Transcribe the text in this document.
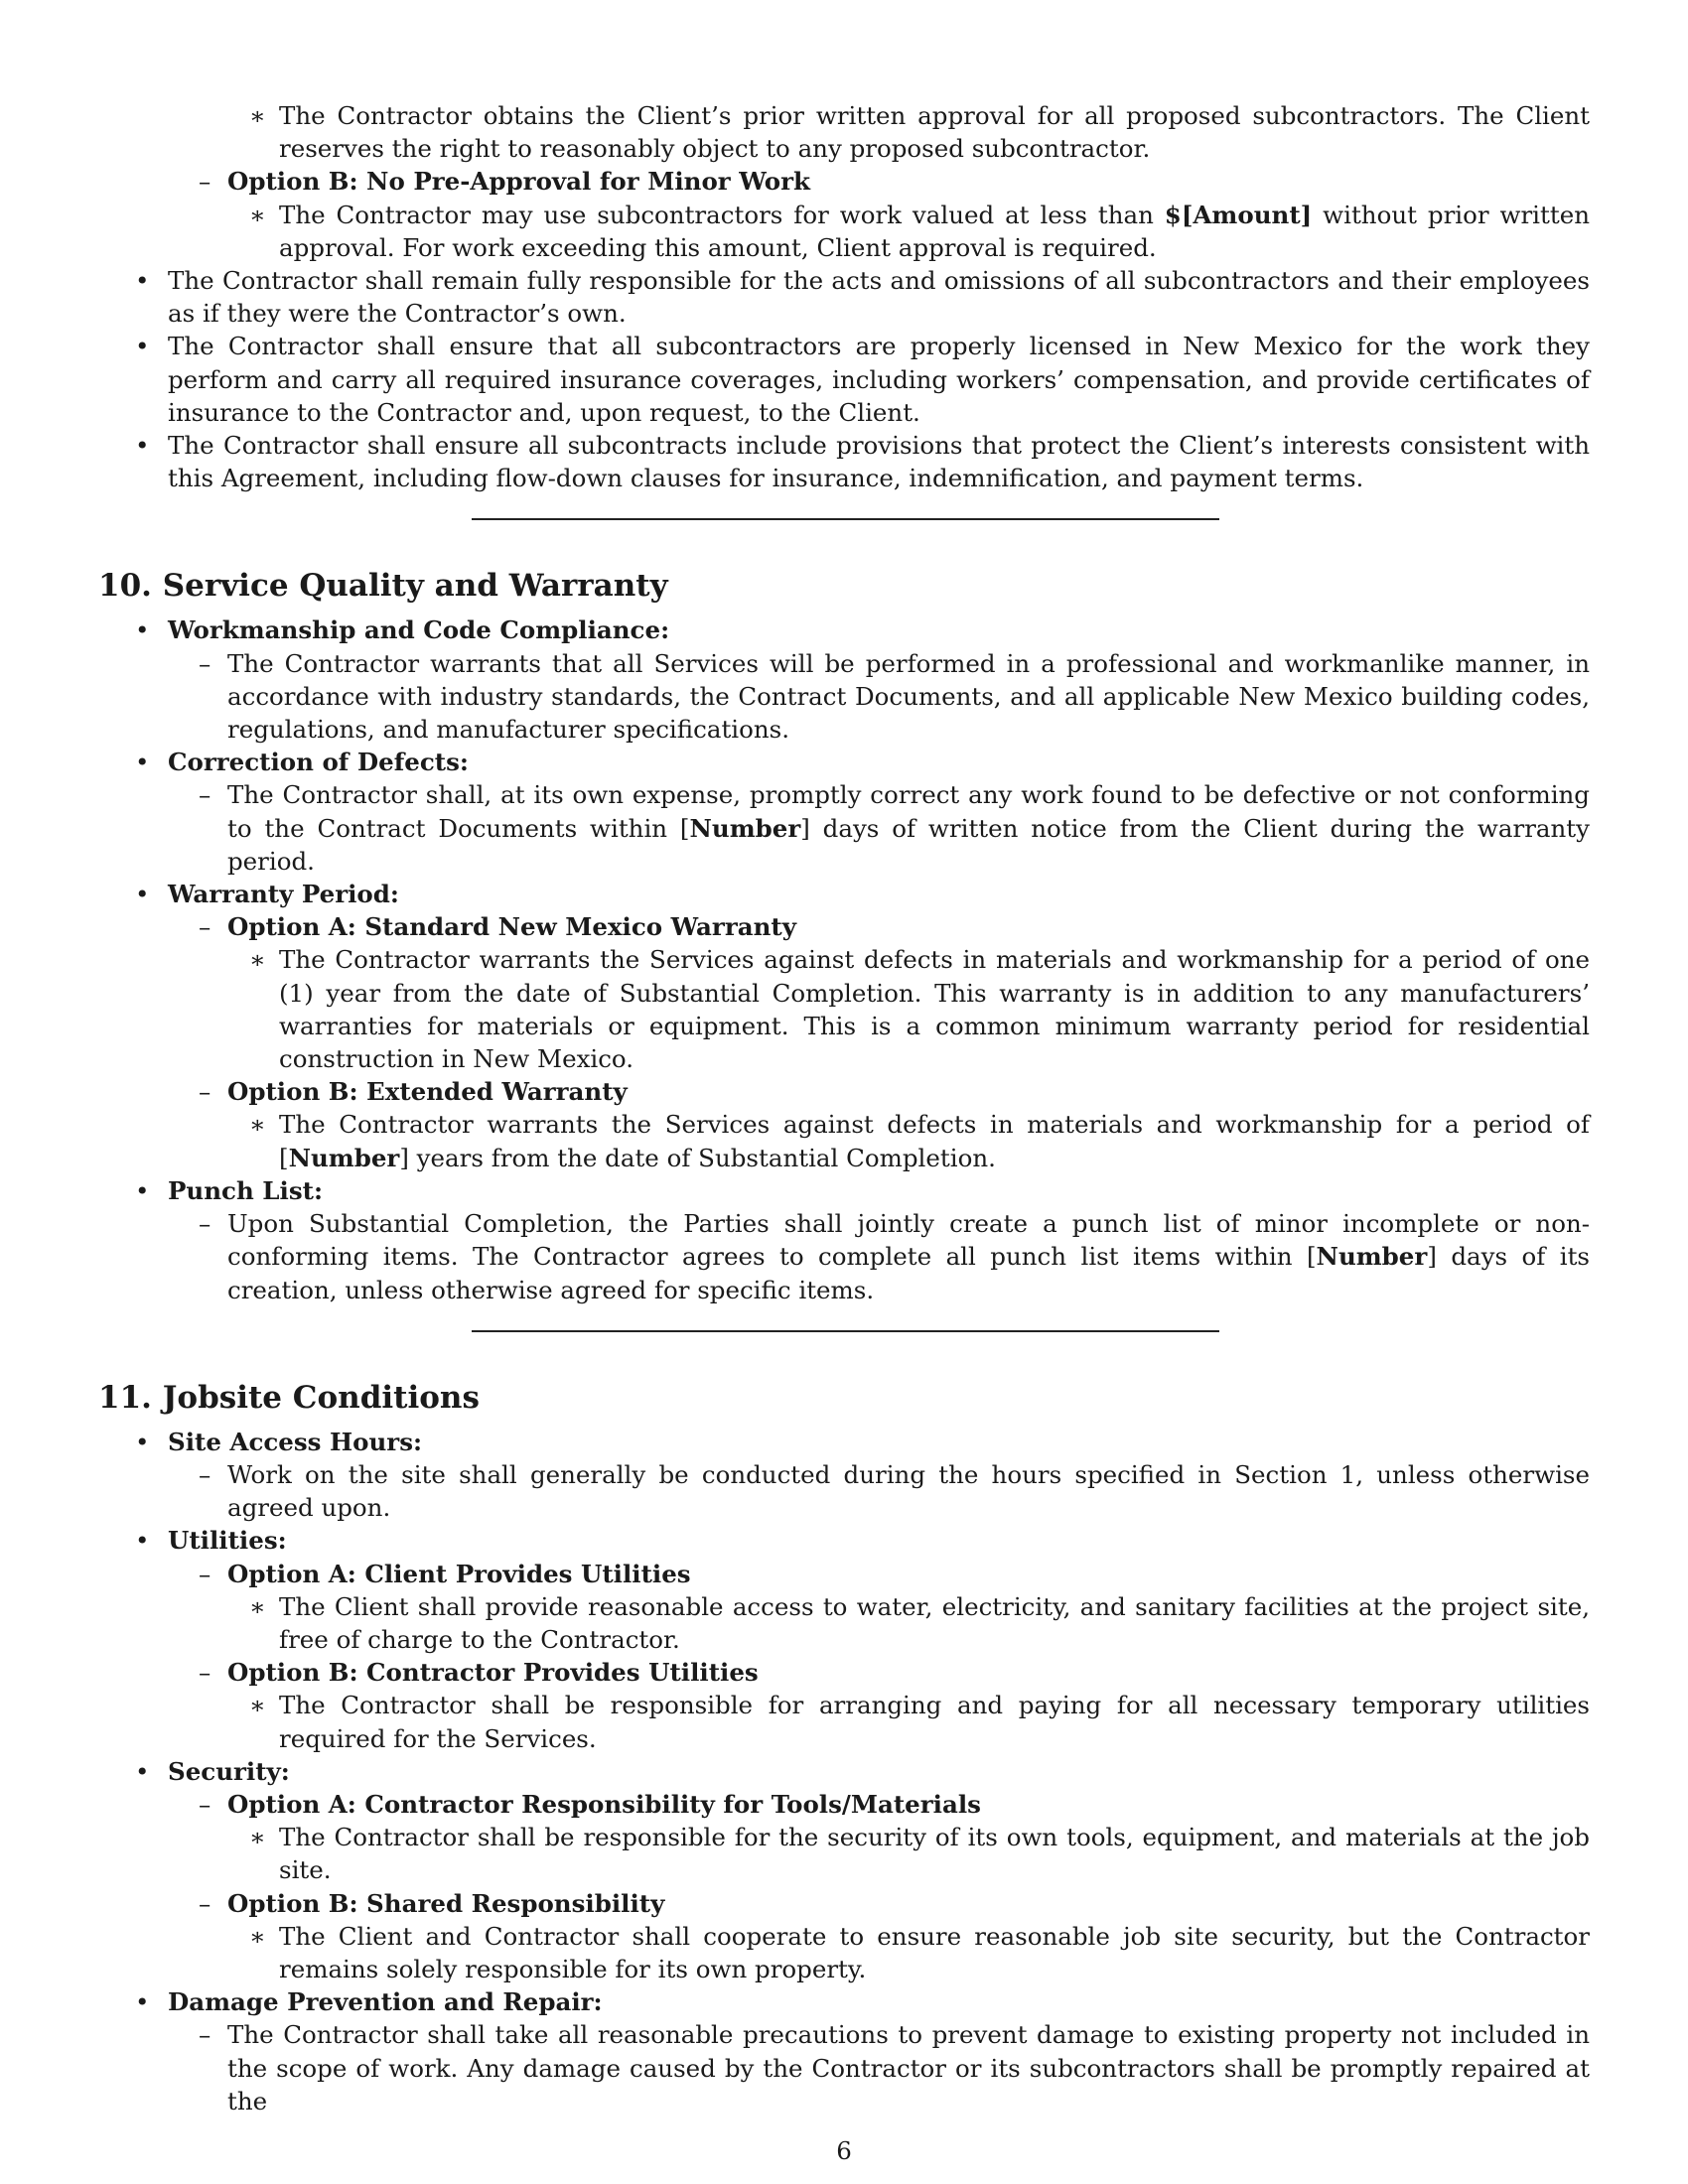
∗ The Contractor obtains the Client’s prior written approval for all proposed subcontractors. The Client reserves the right to reasonably object to any proposed subcontractor.
– Option B: No Pre-Approval for Minor Work
∗ The Contractor may use subcontractors for work valued at less than $[Amount] without prior written approval. For work exceeding this amount, Client approval is required.
• The Contractor shall remain fully responsible for the acts and omissions of all subcontractors and their employees as if they were the Contractor’s own.
• The Contractor shall ensure that all subcontractors are properly licensed in New Mexico for the work they perform and carry all required insurance coverages, including workers’ compensation, and provide certificates of insurance to the Contractor and, upon request, to the Client.
• The Contractor shall ensure all subcontracts include provisions that protect the Client’s interests consistent with this Agreement, including flow-down clauses for insurance, indemnification, and payment terms.
10. Service Quality and Warranty
• Workmanship and Code Compliance:
– The Contractor warrants that all Services will be performed in a professional and workmanlike manner, in accordance with industry standards, the Contract Documents, and all applicable New Mexico building codes, regulations, and manufacturer specifications.
• Correction of Defects:
– The Contractor shall, at its own expense, promptly correct any work found to be defective or not conforming to the Contract Documents within [Number] days of written notice from the Client during the warranty period.
• Warranty Period:
– Option A: Standard New Mexico Warranty
∗ The Contractor warrants the Services against defects in materials and workmanship for a period of one (1) year from the date of Substantial Completion. This warranty is in addition to any manufacturers’ warranties for materials or equipment. This is a common minimum warranty period for residential construction in New Mexico.
– Option B: Extended Warranty
∗ The Contractor warrants the Services against defects in materials and workmanship for a period of [Number] years from the date of Substantial Completion.
• Punch List:
– Upon Substantial Completion, the Parties shall jointly create a punch list of minor incomplete or non-conforming items. The Contractor agrees to complete all punch list items within [Number] days of its creation, unless otherwise agreed for specific items.
11. Jobsite Conditions
• Site Access Hours:
– Work on the site shall generally be conducted during the hours specified in Section 1, unless otherwise agreed upon.
• Utilities:
– Option A: Client Provides Utilities
∗ The Client shall provide reasonable access to water, electricity, and sanitary facilities at the project site, free of charge to the Contractor.
– Option B: Contractor Provides Utilities
∗ The Contractor shall be responsible for arranging and paying for all necessary temporary utilities required for the Services.
• Security:
– Option A: Contractor Responsibility for Tools/Materials
∗ The Contractor shall be responsible for the security of its own tools, equipment, and materials at the job site.
– Option B: Shared Responsibility
∗ The Client and Contractor shall cooperate to ensure reasonable job site security, but the Contractor remains solely responsible for its own property.
• Damage Prevention and Repair:
– The Contractor shall take all reasonable precautions to prevent damage to existing property not included in the scope of work. Any damage caused by the Contractor or its subcontractors shall be promptly repaired at the
6
